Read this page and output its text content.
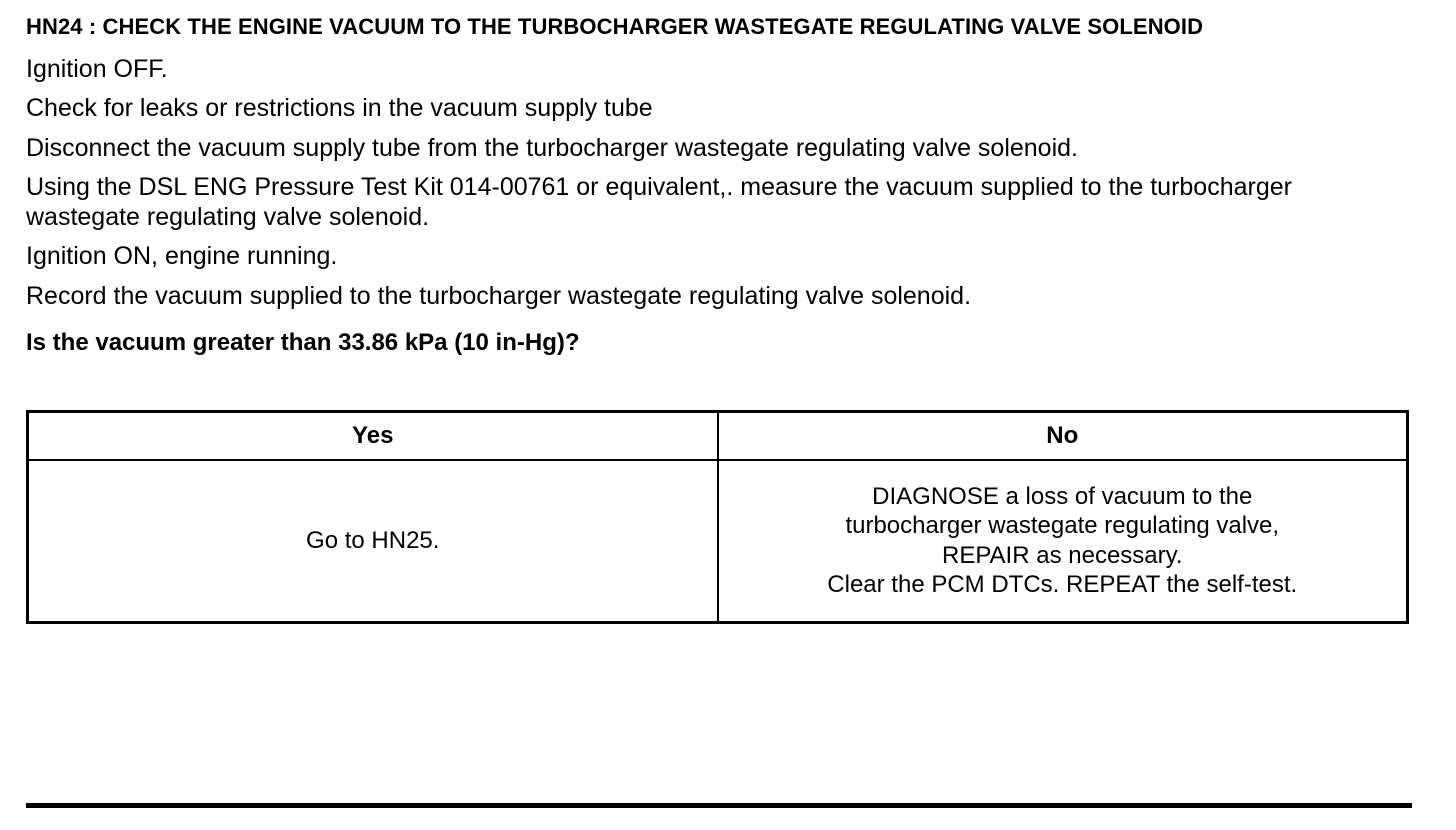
HN24 : CHECK THE ENGINE VACUUM TO THE TURBOCHARGER WASTEGATE REGULATING VALVE SOLENOID

Ignition OFF.

Check for leaks or restrictions in the vacuum supply tube

Disconnect the vacuum supply tube from the turbocharger wastegate regulating valve solenoid.

Using the DSL ENG Pressure Test Kit 014-00761 or equivalent,. measure the vacuum supplied to the turbocharger wastegate regulating valve solenoid.

Ignition ON, engine running.

Record the vacuum supplied to the turbocharger wastegate regulating valve solenoid.

Is the vacuum greater than 33.86 kPa (10 in-Hg)?

Yes	No
Go to HN25.	DIAGNOSE a loss of vacuum to the
turbocharger wastegate regulating valve,
REPAIR as necessary.
Clear the PCM DTCs. REPEAT the self-test.
